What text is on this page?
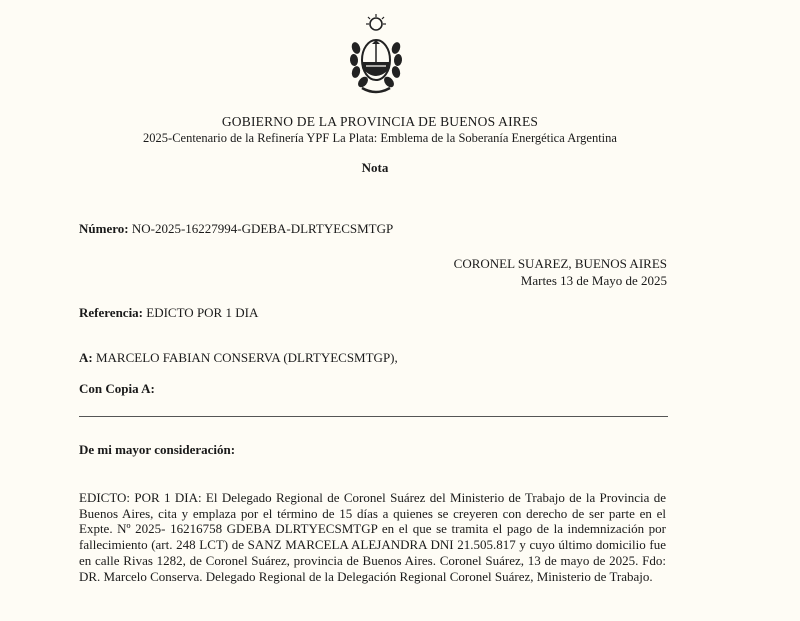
GOBIERNO DE LA PROVINCIA DE BUENOS AIRES
2025-Centenario de la Refinería YPF La Plata: Emblema de la Soberanía Energética Argentina
Nota
Número: NO-2025-16227994-GDEBA-DLRTYECSMTGP
CORONEL SUAREZ, BUENOS AIRES
Martes 13 de Mayo de 2025
Referencia: EDICTO POR 1 DIA
A: MARCELO FABIAN CONSERVA (DLRTYECSMTGP),
Con Copia A:
De mi mayor consideración:
EDICTO: POR 1 DIA: El Delegado Regional de Coronel Suárez del Ministerio de Trabajo de la Provincia de Buenos Aires, cita y emplaza por el término de 15 días a quienes se creyeren con derecho de ser parte en el Expte. Nº 2025- 16216758 GDEBA DLRTYECSMTGP en el que se tramita el pago de la indemnización por fallecimiento (art. 248 LCT) de SANZ MARCELA ALEJANDRA DNI 21.505.817 y cuyo último domicilio fue en calle Rivas 1282, de Coronel Suárez, provincia de Buenos Aires. Coronel Suárez, 13 de mayo de 2025. Fdo: DR. Marcelo Conserva. Delegado Regional de la Delegación Regional Coronel Suárez, Ministerio de Trabajo.
